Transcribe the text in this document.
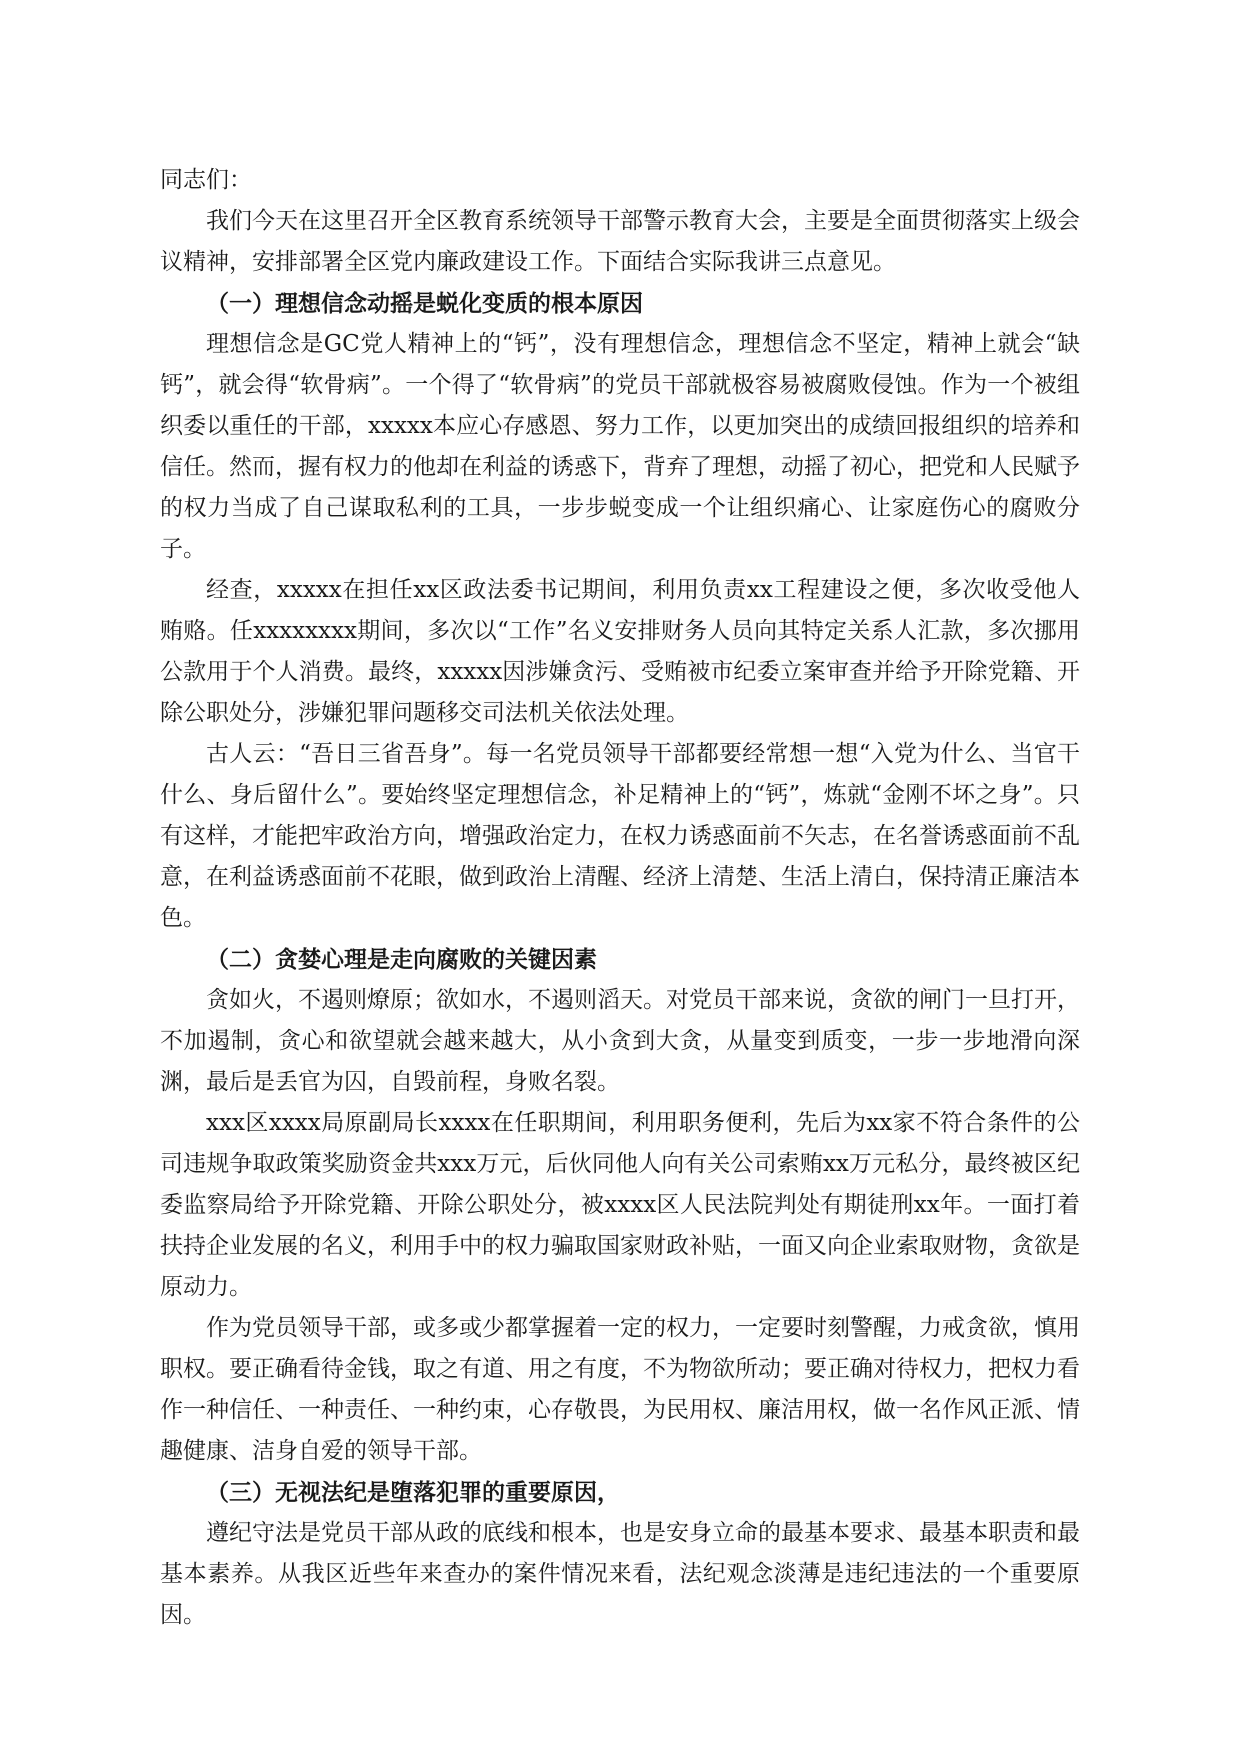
同志们：

我们今天在这里召开全区教育系统领导干部警示教育大会，主要是全面贯彻落实上级会议精神，安排部署全区党内廉政建设工作。下面结合实际我讲三点意见。

（一）理想信念动摇是蜕化变质的根本原因

理想信念是GC党人精神上的“钙”，没有理想信念，理想信念不坚定，精神上就会“缺钙”，就会得“软骨病”。一个得了“软骨病”的党员干部就极容易被腐败侵蚀。作为一个被组织委以重任的干部，xxxxx本应心存感恩、努力工作，以更加突出的成绩回报组织的培养和信任。然而，握有权力的他却在利益的诱惑下，背弃了理想，动摇了初心，把党和人民赋予的权力当成了自己谋取私利的工具，一步步蜕变成一个让组织痛心、让家庭伤心的腐败分子。

经查，xxxxx在担任xx区政法委书记期间，利用负责xx工程建设之便，多次收受他人贿赂。任xxxxxxxx期间，多次以“工作”名义安排财务人员向其特定关系人汇款，多次挪用公款用于个人消费。最终，xxxxx因涉嫌贪污、受贿被市纪委立案审查并给予开除党籍、开除公职处分，涉嫌犯罪问题移交司法机关依法处理。

古人云：“吾日三省吾身”。每一名党员领导干部都要经常想一想“入党为什么、当官干什么、身后留什么”。要始终坚定理想信念，补足精神上的“钙”，炼就“金刚不坏之身”。只有这样，才能把牢政治方向，增强政治定力，在权力诱惑面前不矢志，在名誉诱惑面前不乱意，在利益诱惑面前不花眼，做到政治上清醒、经济上清楚、生活上清白，保持清正廉洁本色。

（二）贪婪心理是走向腐败的关键因素

贪如火，不遏则燎原；欲如水，不遏则滔天。对党员干部来说，贪欲的闸门一旦打开，不加遏制，贪心和欲望就会越来越大，从小贪到大贪，从量变到质变，一步一步地滑向深渊，最后是丢官为囚，自毁前程，身败名裂。

xxx区xxxx局原副局长xxxx在任职期间，利用职务便利，先后为xx家不符合条件的公司违规争取政策奖励资金共xxx万元，后伙同他人向有关公司索贿xx万元私分，最终被区纪委监察局给予开除党籍、开除公职处分，被xxxx区人民法院判处有期徒刑xx年。一面打着扶持企业发展的名义，利用手中的权力骗取国家财政补贴，一面又向企业索取财物，贪欲是原动力。

作为党员领导干部，或多或少都掌握着一定的权力，一定要时刻警醒，力戒贪欲，慎用职权。要正确看待金钱，取之有道、用之有度，不为物欲所动；要正确对待权力，把权力看作一种信任、一种责任、一种约束，心存敬畏，为民用权、廉洁用权，做一名作风正派、情趣健康、洁身自爱的领导干部。

（三）无视法纪是堕落犯罪的重要原因，

遵纪守法是党员干部从政的底线和根本，也是安身立命的最基本要求、最基本职责和最基本素养。从我区近些年来查办的案件情况来看，法纪观念淡薄是违纪违法的一个重要原因。
